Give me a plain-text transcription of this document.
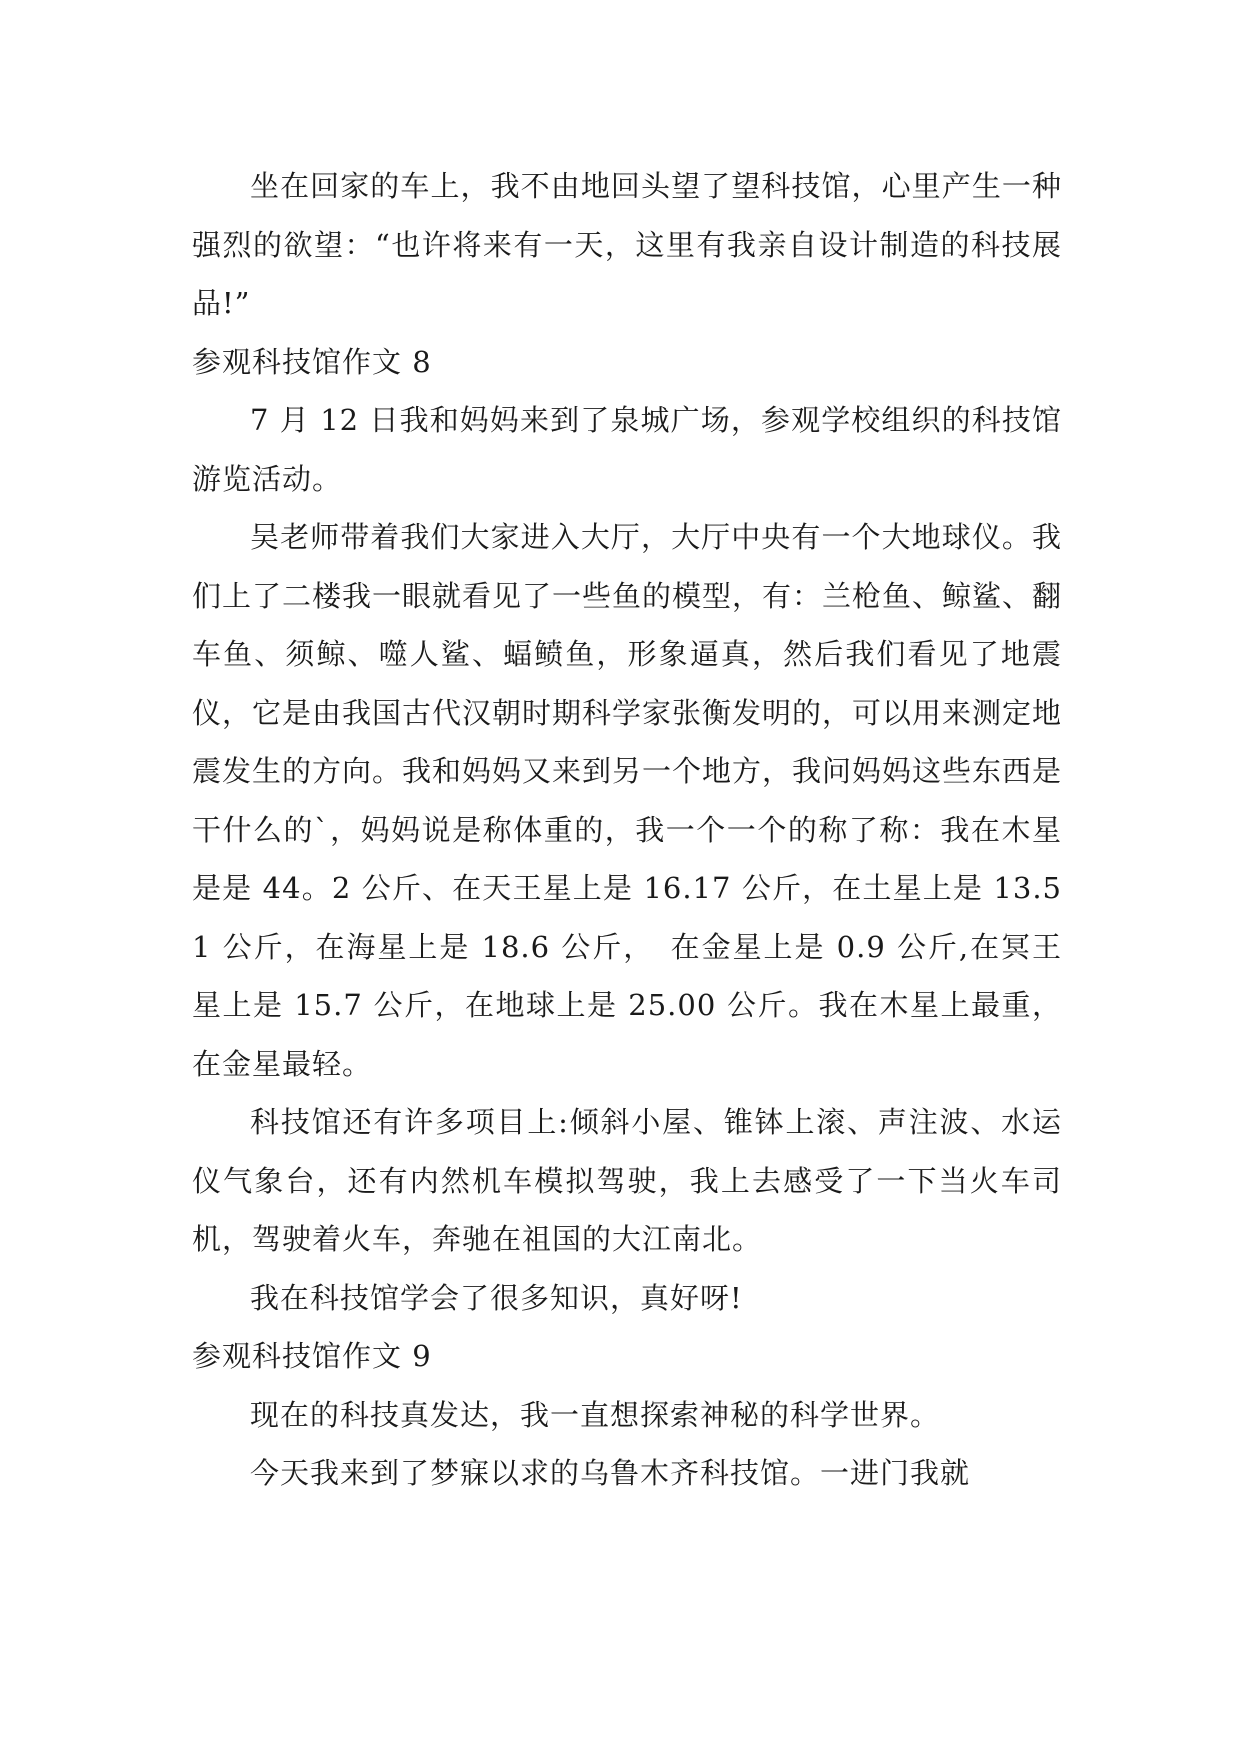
坐在回家的车上，我不由地回头望了望科技馆，心里产生一种强烈的欲望：“也许将来有一天，这里有我亲自设计制造的科技展品!”

参观科技馆作文 8

7 月 12 日我和妈妈来到了泉城广场，参观学校组织的科技馆游览活动。

吴老师带着我们大家进入大厅，大厅中央有一个大地球仪。我们上了二楼我一眼就看见了一些鱼的模型，有：兰枪鱼、鲸鲨、翻车鱼、须鲸、噬人鲨、蝠鲼鱼，形象逼真，然后我们看见了地震 仪，它是由我国古代汉朝时期科学家张衡发明的，可以用来测定地震发生的方向。我和妈妈又来到另一个地方，我问妈妈这些东西是干什么的`，妈妈说是称体重的，我一个一个的称了称：我在木星是是 44。2 公斤、在天王星上是 16.17 公斤，在土星上是 13.51 公斤，在海星上是 18.6 公斤，　在金星上是 0.9 公斤,在冥王星上是 15.7 公斤，在地球上是 25.00 公斤。我在木星上最重，在金星最轻。

科技馆还有许多项目上:倾斜小屋、锥钵上滚、声注波、水运仪气象台，还有内然机车模拟驾驶，我上去感受了一下当火车司机，驾驶着火车，奔驰在祖国的大江南北。

我在科技馆学会了很多知识，真好呀!

参观科技馆作文 9

现在的科技真发达，我一直想探索神秘的科学世界。

今天我来到了梦寐以求的乌鲁木齐科技馆。一进门我就
